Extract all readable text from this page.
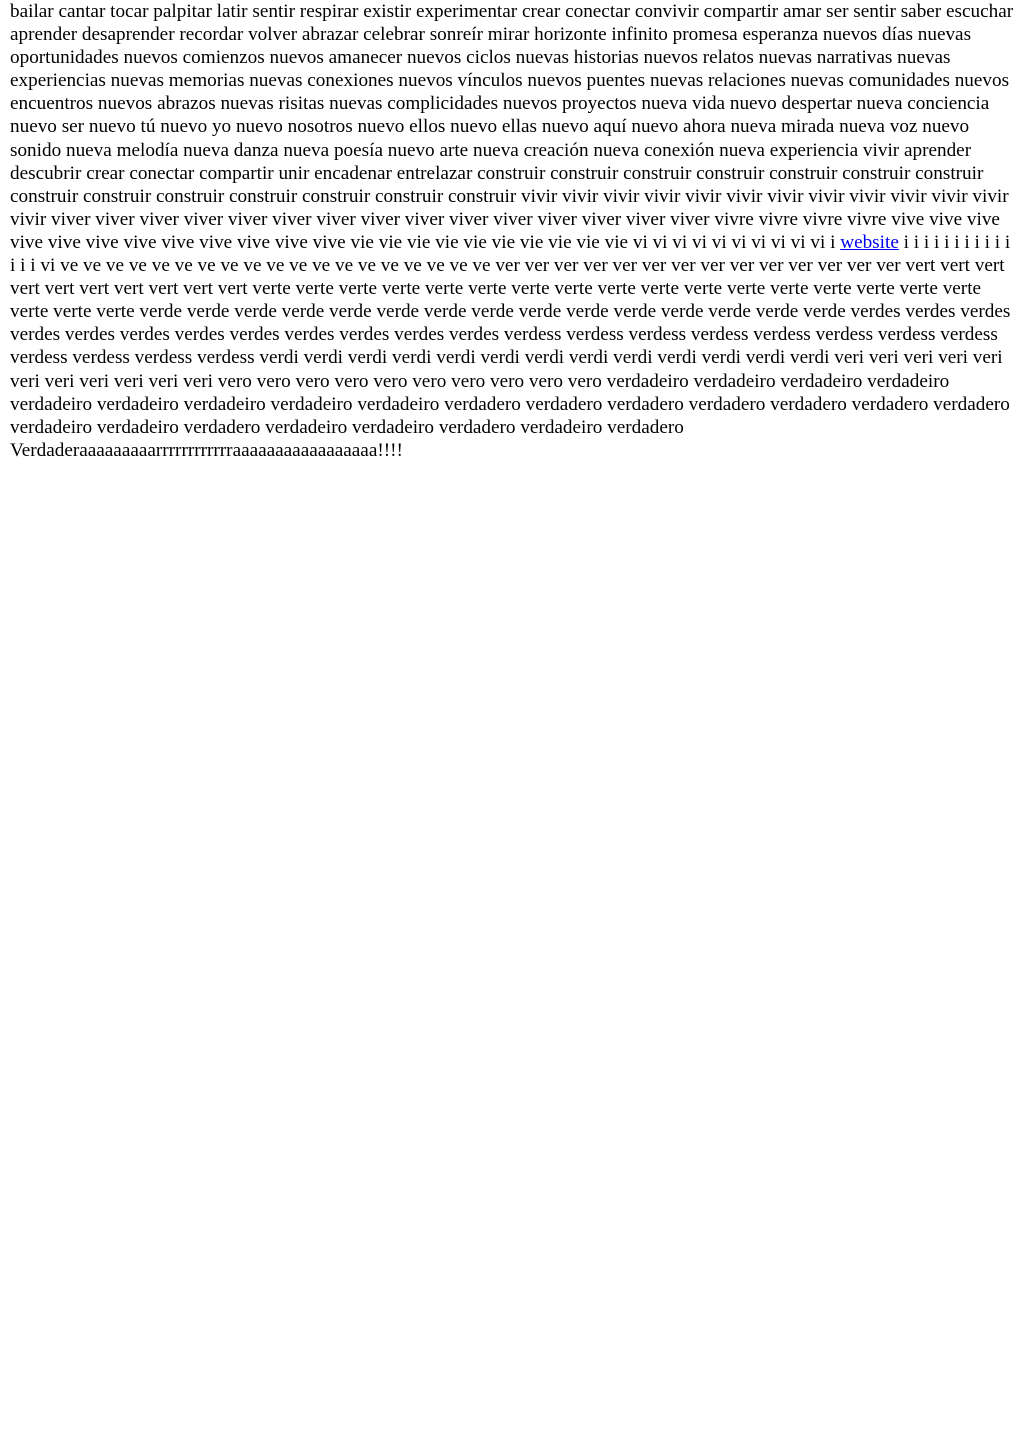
bailar cantar tocar palpitar latir sentir respirar existir experimentar crear conectar convivir compartir amar ser sentir saber escuchar aprender desaprender recordar volver abrazar celebrar sonreír mirar horizonte infinito promesa esperanza nuevos días nuevas oportunidades nuevos comienzos nuevos amanecer nuevos ciclos nuevas historias nuevos relatos nuevas narrativas nuevas experiencias nuevas memorias nuevas conexiones nuevos vínculos nuevos puentes nuevas relaciones nuevas comunidades nuevos encuentros nuevos abrazos nuevas risitas nuevas complicidades nuevos proyectos nueva vida nuevo despertar nueva conciencia nuevo ser nuevo tú nuevo yo nuevo nosotros nuevo ellos nuevo ellas nuevo aquí nuevo ahora nueva mirada nueva voz nuevo sonido nueva melodía nueva danza nueva poesía nuevo arte nueva creación nueva conexión nueva experiencia vivir aprender descubrir crear conectar compartir unir encadenar entrelazar construir construir construir construir construir construir construir construir construir construir construir construir construir construir vivir vivir vivir vivir vivir vivir vivir vivir vivir vivir vivir vivir vivir viver viver viver viver viver viver viver viver viver viver viver viver viver viver viver vivre vivre vivre vivre vive vive vive vive vive vive vive vive vive vive vive vive vie vie vie vie vie vie vie vie vie vie vi vi vi vi vi vi vi vi vi vi i website i i i i i i i i i i i i i i vi ve ve ve ve ve ve ve ve ve ve ve ve ve ve ve ve ve ve ve ver ver ver ver ver ver ver ver ver ver ver ver ver ver vert vert vert vert vert vert vert vert vert vert verte verte verte verte verte verte verte verte verte verte verte verte verte verte verte verte verte verte verte verte verde verde verde verde verde verde verde verde verde verde verde verde verde verde verde verdes verdes verdes verdes verdes verdes verdes verdes verdes verdes verdes verdes verdess verdess verdess verdess verdess verdess verdess verdess verdess verdess verdess verdess verdi verdi verdi verdi verdi verdi verdi verdi verdi verdi verdi verdi verdi veri veri veri veri veri veri veri veri veri veri veri vero vero vero vero vero vero vero vero vero vero verdadeiro verdadeiro verdadeiro verdadeiro verdadeiro verdadeiro verdadeiro verdadeiro verdadeiro verdadero verdadero verdadero verdadero verdadero verdadero verdadero verdadeiro verdadeiro verdadero verdadeiro verdadeiro verdadero verdadeiro verdadero Verdaderaaaaaaaaarrrrrrrrrrrraaaaaaaaaaaaaaaaa!!!!
